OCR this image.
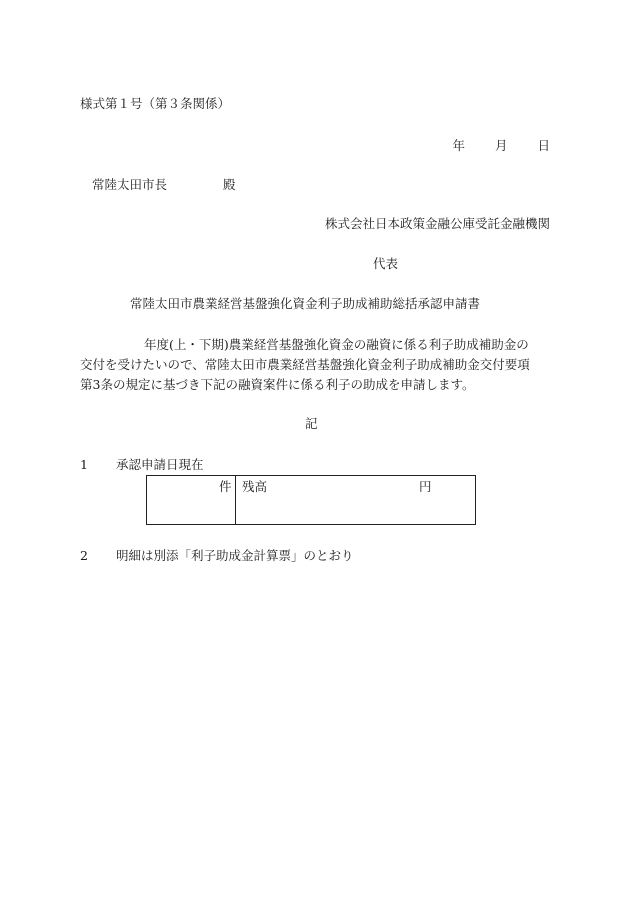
様式第１号（第３条関係）
年 月 日
常陸太田市長	殿
株式会社日本政策金融公庫受託金融機関
代表
常陸太田市農業経営基盤強化資金利子助成補助総括承認申請書
年度(上・下期)農業経営基盤強化資金の融資に係る利子助成補助金の
交付を受けたいので、常陸太田市農業経営基盤強化資金利子助成補助金交付要項
第3条の規定に基づき下記の融資案件に係る利子の助成を申請します。
記
1 承認申請日現在
件 残高	円
2 明細は別添「利子助成金計算票」のとおり
